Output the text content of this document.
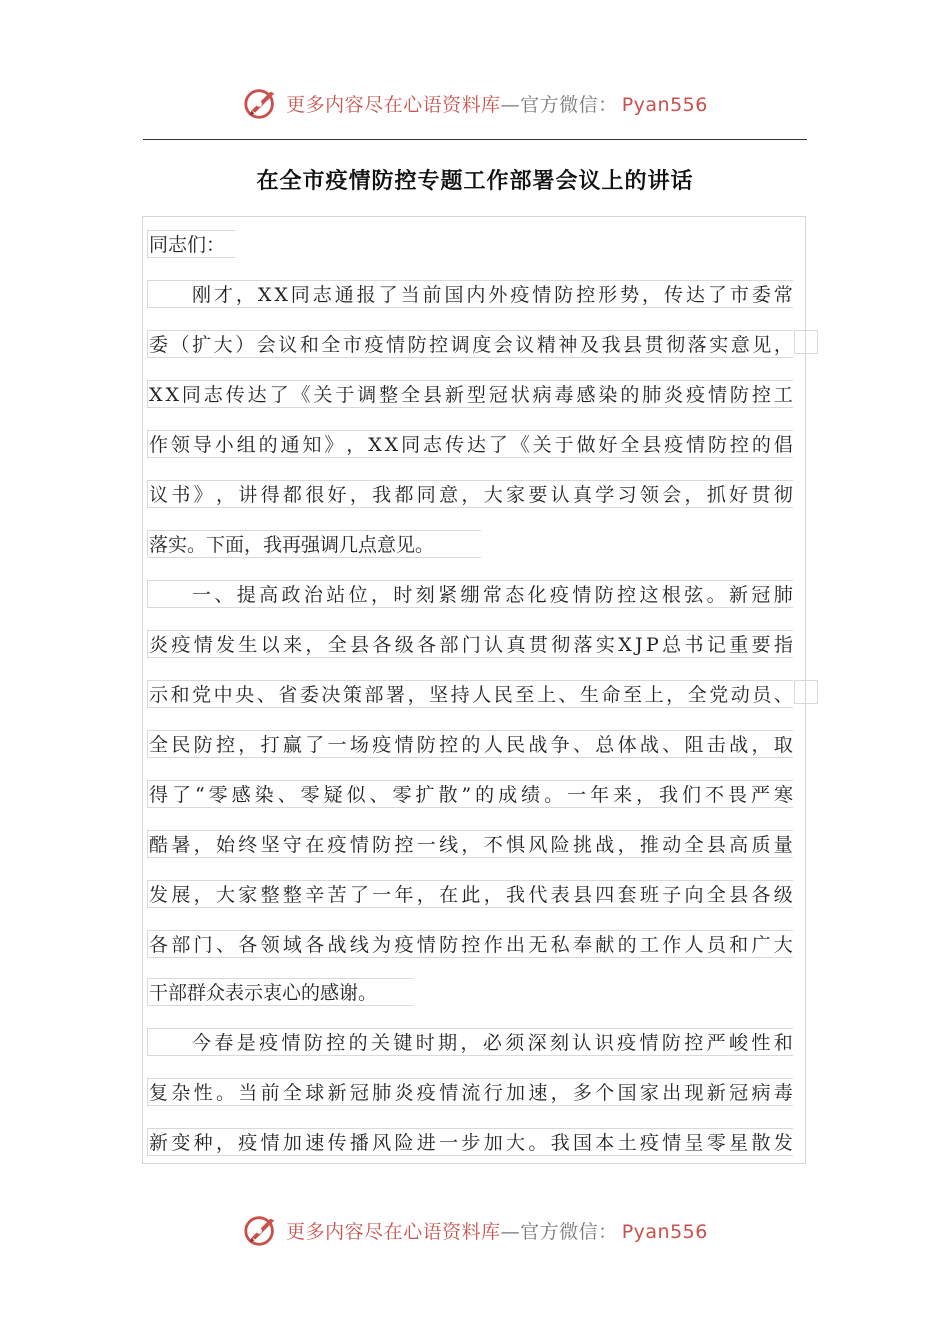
更多内容尽在心语资料库—官方微信： Pyan556
在全市疫情防控专题工作部署会议上的讲话
同志们：
刚 才 ， X X 同 志 通 报 了 当 前 国 内 外 疫 情 防 控 形 势 ， 传 达 了 市 委 常
委 （ 扩 大 ） 会 议 和 全 市 疫 情 防 控 调 度 会 议 精 神 及 我 县 贯 彻 落 实 意 见 ，
X X 同 志 传 达 了 《 关 于 调 整 全 县 新 型 冠 状 病 毒 感 染 的 肺 炎 疫 情 防 控 工
作 领 导 小 组 的 通 知 》 ， X X 同 志 传 达 了 《 关 于 做 好 全 县 疫 情 防 控 的 倡
议 书 》 ， 讲 得 都 很 好 ， 我 都 同 意 ， 大 家 要 认 真 学 习 领 会 ， 抓 好 贯 彻
落实。下面，我再强调几点意见。
一 、 提 高 政 治 站 位 ， 时 刻 紧 绷 常 态 化 疫 情 防 控 这 根 弦 。 新 冠 肺
炎 疫 情 发 生 以 来 ， 全 县 各 级 各 部 门 认 真 贯 彻 落 实 X J P 总 书 记 重 要 指
示 和 党 中 央 、 省 委 决 策 部 署 ， 坚 持 人 民 至 上 、 生 命 至 上 ， 全 党 动 员 、
全 民 防 控 ， 打 赢 了 一 场 疫 情 防 控 的 人 民 战 争 、 总 体 战 、 阻 击 战 ， 取
得 了 “ 零 感 染 、 零 疑 似 、 零 扩 散 ” 的 成 绩 。 一 年 来 ， 我 们 不 畏 严 寒
酷 暑 ， 始 终 坚 守 在 疫 情 防 控 一 线 ， 不 惧 风 险 挑 战 ， 推 动 全 县 高 质 量
发 展 ， 大 家 整 整 辛 苦 了 一 年 ， 在 此 ， 我 代 表 县 四 套 班 子 向 全 县 各 级
各 部 门 、 各 领 域 各 战 线 为 疫 情 防 控 作 出 无 私 奉 献 的 工 作 人 员 和 广 大
干部群众表示衷心的感谢。
今 春 是 疫 情 防 控 的 关 键 时 期 ， 必 须 深 刻 认 识 疫 情 防 控 严 峻 性 和
复 杂 性 。 当 前 全 球 新 冠 肺 炎 疫 情 流 行 加 速 ， 多 个 国 家 出 现 新 冠 病 毒
新 变 种 ， 疫 情 加 速 传 播 风 险 进 一 步 加 大 。 我 国 本 土 疫 情 呈 零 星 散 发
更多内容尽在心语资料库—官方微信： Pyan556
